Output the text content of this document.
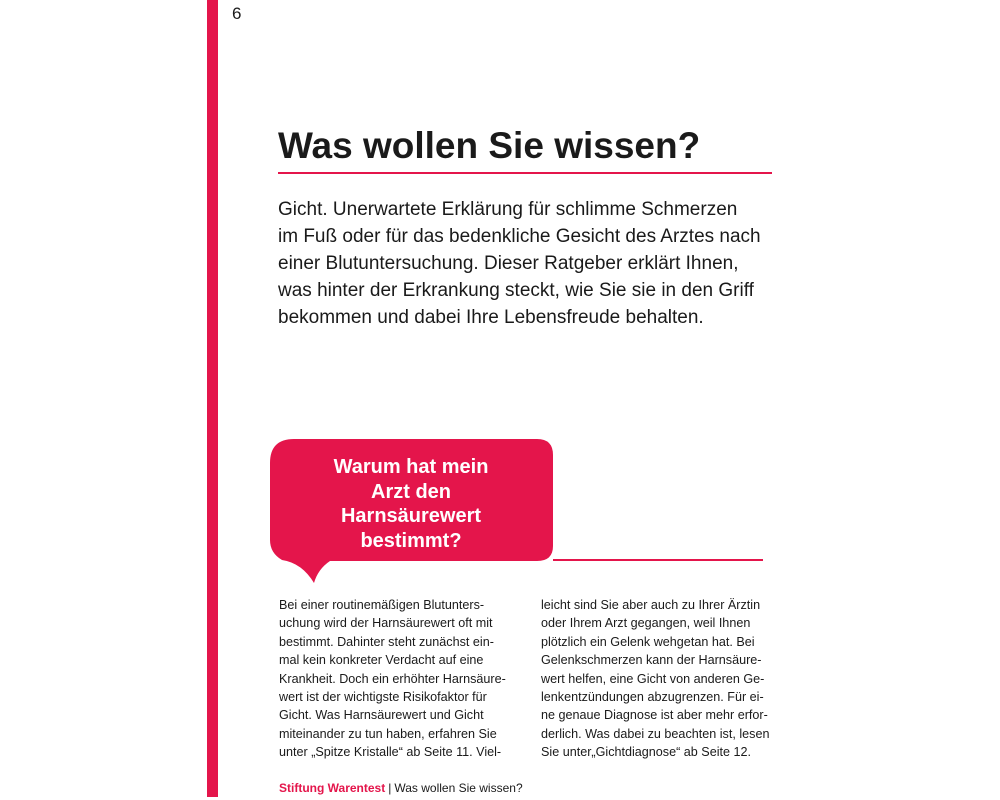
6
Was wollen Sie wissen?
Gicht. Unerwartete Erklärung für schlimme Schmerzen
im Fuß oder für das bedenkliche Gesicht des Arztes nach
einer Blutuntersuchung. Dieser Ratgeber erklärt Ihnen,
was hinter der Erkrankung steckt, wie Sie sie in den Griff
bekommen und dabei Ihre Lebensfreude behalten.
Warum hat mein
Arzt den
Harnsäurewert
bestimmt?
Bei einer routinemäßigen Blutunters-
uchung wird der Harnsäurewert oft mit
bestimmt. Dahinter steht zunächst ein-
mal kein konkreter Verdacht auf eine
Krankheit. Doch ein erhöhter Harnsäure-
wert ist der wichtigste Risikofaktor für
Gicht. Was Harnsäurewert und Gicht
miteinander zu tun haben, erfahren Sie
unter „Spitze Kristalle“ ab Seite 11. Viel-
leicht sind Sie aber auch zu Ihrer Ärztin
oder Ihrem Arzt gegangen, weil Ihnen
plötzlich ein Gelenk wehgetan hat. Bei
Gelenkschmerzen kann der Harnsäure-
wert helfen, eine Gicht von anderen Ge-
lenkentzündungen abzugrenzen. Für ei-
ne genaue Diagnose ist aber mehr erfor-
derlich. Was dabei zu beachten ist, lesen
Sie unter„Gichtdiagnose“ ab Seite 12.
Stiftung Warentest | Was wollen Sie wissen?
